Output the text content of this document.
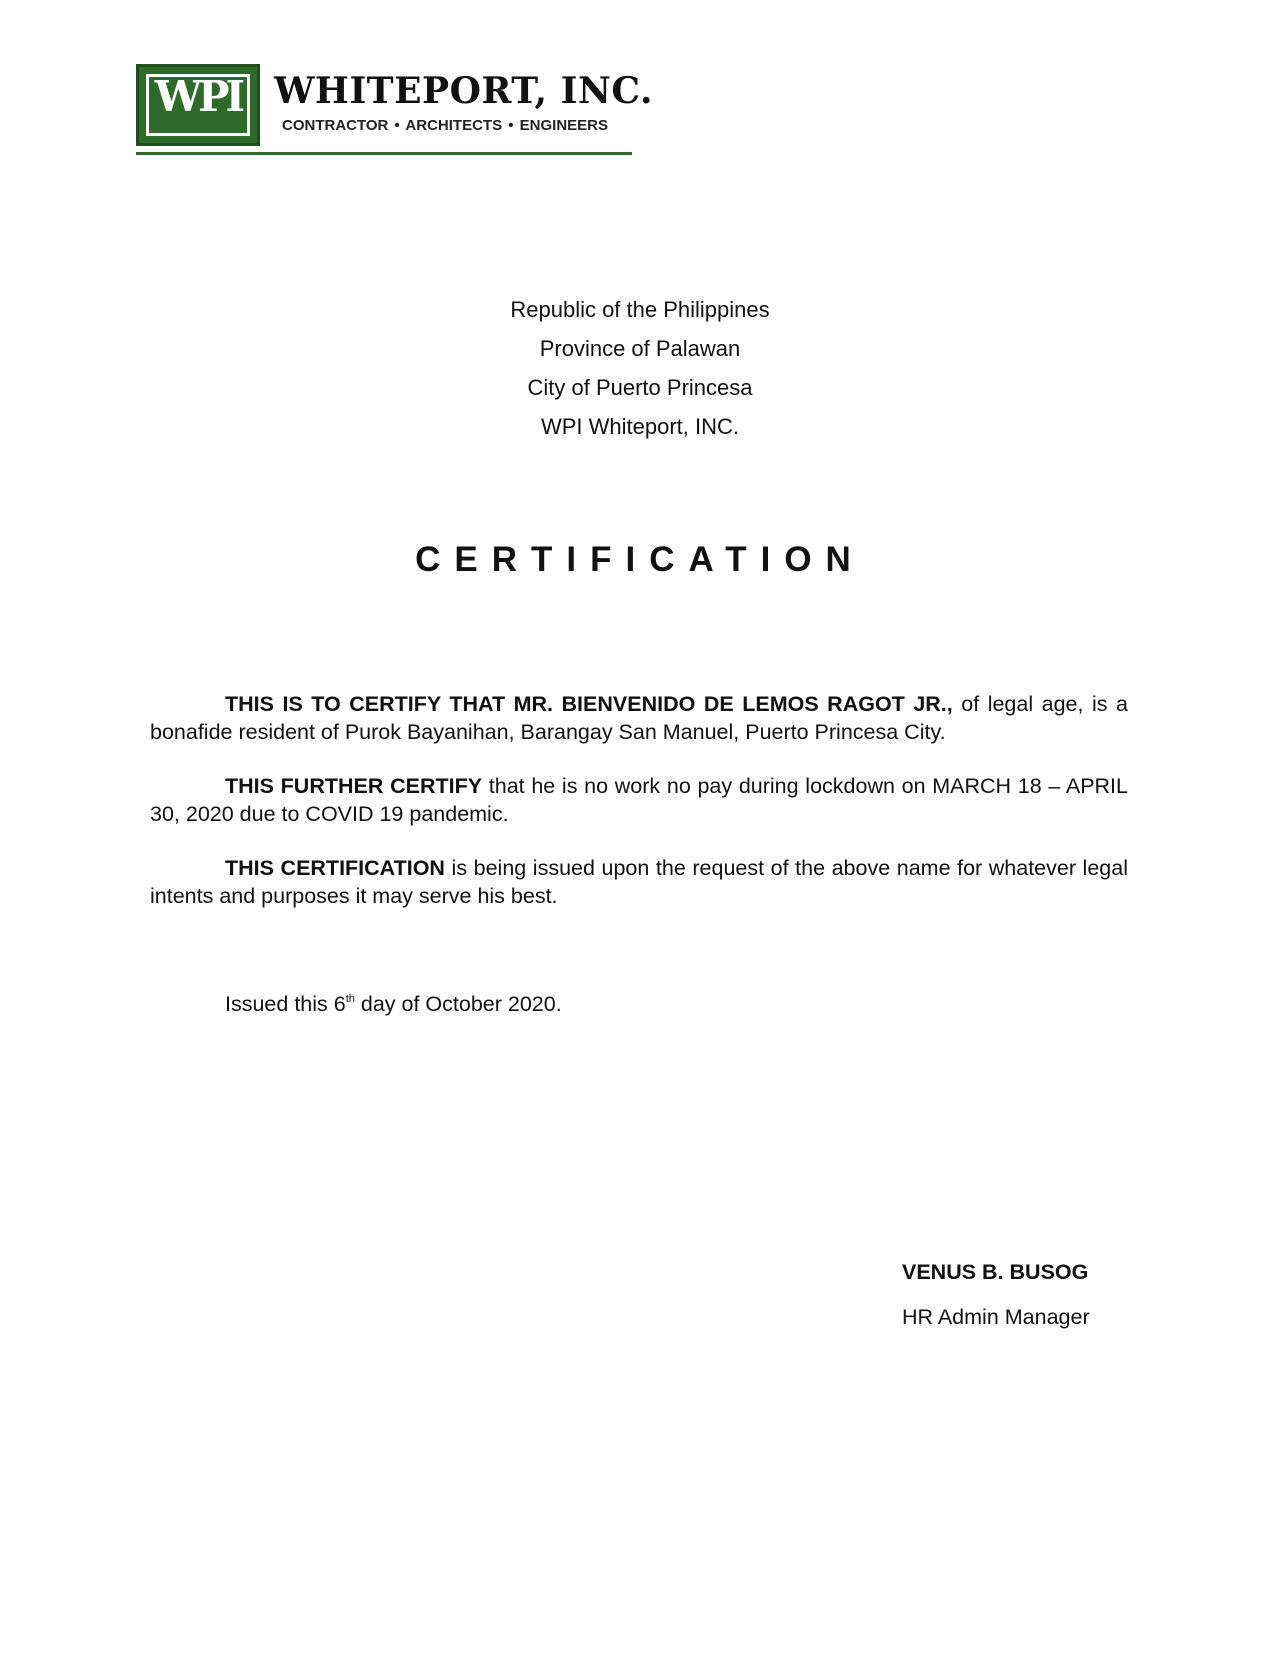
WPI WHITEPORT, INC.
CONTRACTOR • ARCHITECTS • ENGINEERS
Republic of the Philippines
Province of Palawan
City of Puerto Princesa
WPI Whiteport, INC.
CERTIFICATION

THIS IS TO CERTIFY THAT MR. BIENVENIDO DE LEMOS RAGOT JR., of legal age, is a bonafide resident of Purok Bayanihan, Barangay San Manuel, Puerto Princesa City.

THIS FURTHER CERTIFY that he is no work no pay during lockdown on MARCH 18 – APRIL 30, 2020 due to COVID 19 pandemic.

THIS CERTIFICATION is being issued upon the request of the above name for whatever legal intents and purposes it may serve his best.

Issued this 6th day of October 2020.
VENUS B. BUSOG
HR Admin Manager
